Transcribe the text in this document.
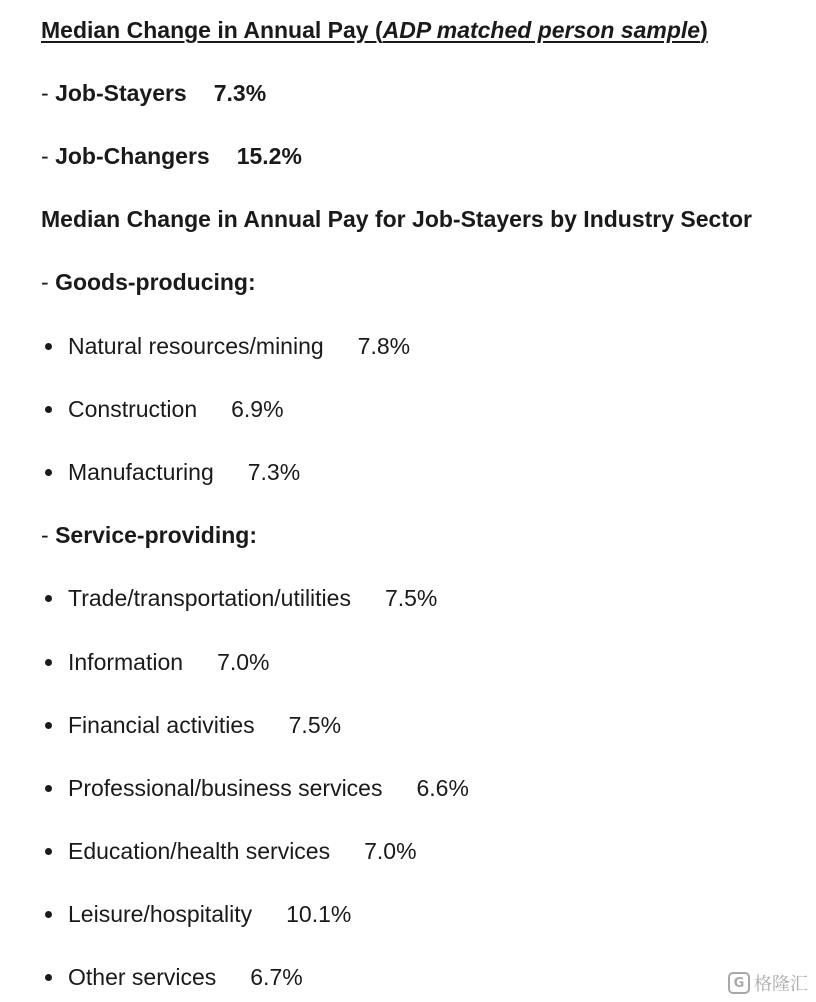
Median Change in Annual Pay (ADP matched person sample)
- Job-Stayers 7.3%
- Job-Changers 15.2%
Median Change in Annual Pay for Job-Stayers by Industry Sector
- Goods-producing:
Natural resources/mining 7.8%
Construction 6.9%
Manufacturing 7.3%
- Service-providing:
Trade/transportation/utilities 7.5%
Information 7.0%
Financial activities 7.5%
Professional/business services 6.6%
Education/health services 7.0%
Leisure/hospitality 10.1%
Other services 6.7%	G 格隆汇
